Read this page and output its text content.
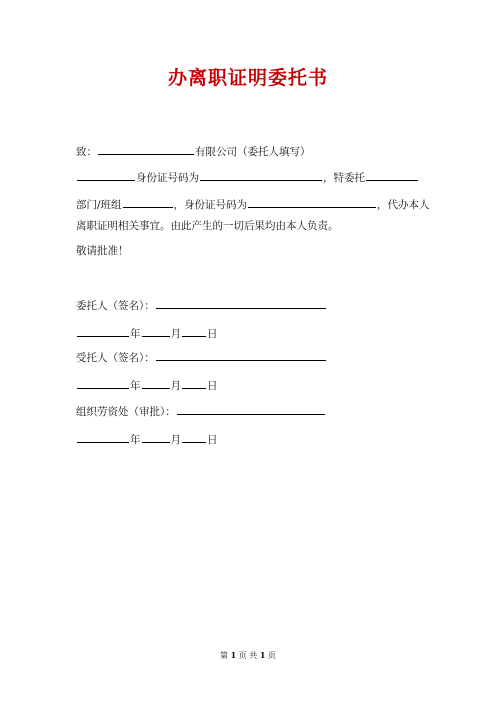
办离职证明委托书
致：	有限公司（委托人填写）
身份证号码为	，特委托
部门/班组	，身份证号码为	，代办本人
离职证明相关事宜。由此产生的一切后果均由本人负责。
敬请批准！
委托人（签名）：
年	月 日
受托人（签名）：
年	月 日
组织劳资处（审批）：
年	月 日
第 1 页 共 1 页
